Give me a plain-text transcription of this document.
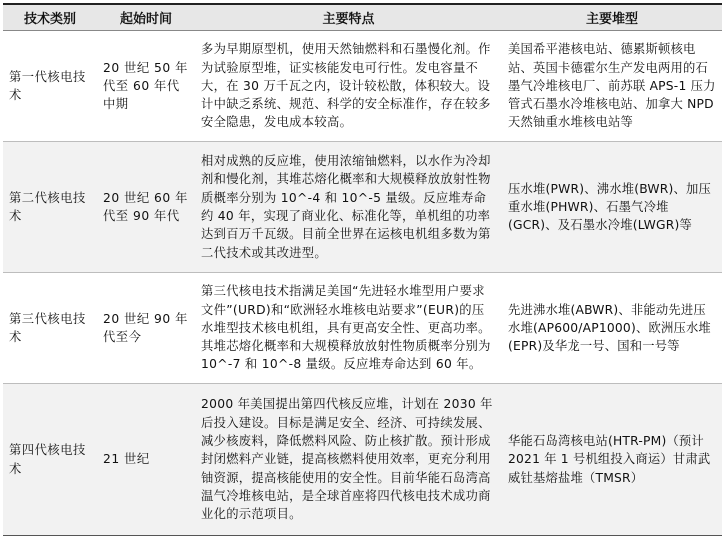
技术类别	起始时间	主要特点	主要堆型
第一代核电技术	20 世纪 50 年代至 60 年代中期	多为早期原型机，使用天然铀燃料和石墨慢化剂。作为试验原型堆，证实核能发电可行性。发电容量不大，在 30 万千瓦之内，设计较松散，体积较大。设计中缺乏系统、规范、科学的安全标准作，存在较多安全隐患，发电成本较高。	美国希平港核电站、德累斯顿核电站、英国卡德霍尔生产发电两用的石墨气冷堆核电厂、前苏联 APS-1 压力管式石墨水冷堆核电站、加拿大 NPD 天然铀重水堆核电站等
第二代核电技术	20 世纪 60 年代至 90 年代	相对成熟的反应堆，使用浓缩铀燃料，以水作为冷却剂和慢化剂，其堆芯熔化概率和大规模释放放射性物质概率分别为 10^-4 和 10^-5 量级。反应堆寿命约 40 年，实现了商业化、标准化等，单机组的功率达到百万千瓦级。目前全世界在运核电机组多数为第二代技术或其改进型。	压水堆(PWR)、沸水堆(BWR)、加压重水堆(PHWR)、石墨气冷堆(GCR)、及石墨水冷堆(LWGR)等
第三代核电技术	20 世纪 90 年代至今	第三代核电技术指满足美国“先进轻水堆型用户要求文件”(URD)和“欧洲轻水堆核电站要求”(EUR)的压水堆型技术核电机组，具有更高安全性、更高功率。其堆芯熔化概率和大规模释放放射性物质概率分别为 10^-7 和 10^-8 量级。反应堆寿命达到 60 年。	先进沸水堆(ABWR)、非能动先进压水堆(AP600/AP1000)、欧洲压水堆(EPR)及华龙一号、国和一号等
第四代核电技术	21 世纪	2000 年美国提出第四代核反应堆，计划在 2030 年后投入建设。目标是满足安全、经济、可持续发展、减少核废料，降低燃料风险、防止核扩散。预计形成封闭燃料产业链，提高核燃料使用效率，更充分利用铀资源，提高核能使用的安全性。目前华能石岛湾高温气冷堆核电站，是全球首座将四代核电技术成功商业化的示范项目。	华能石岛湾核电站(HTR-PM)（预计 2021 年 1 号机组投入商运）甘肃武威钍基熔盐堆（TMSR）
